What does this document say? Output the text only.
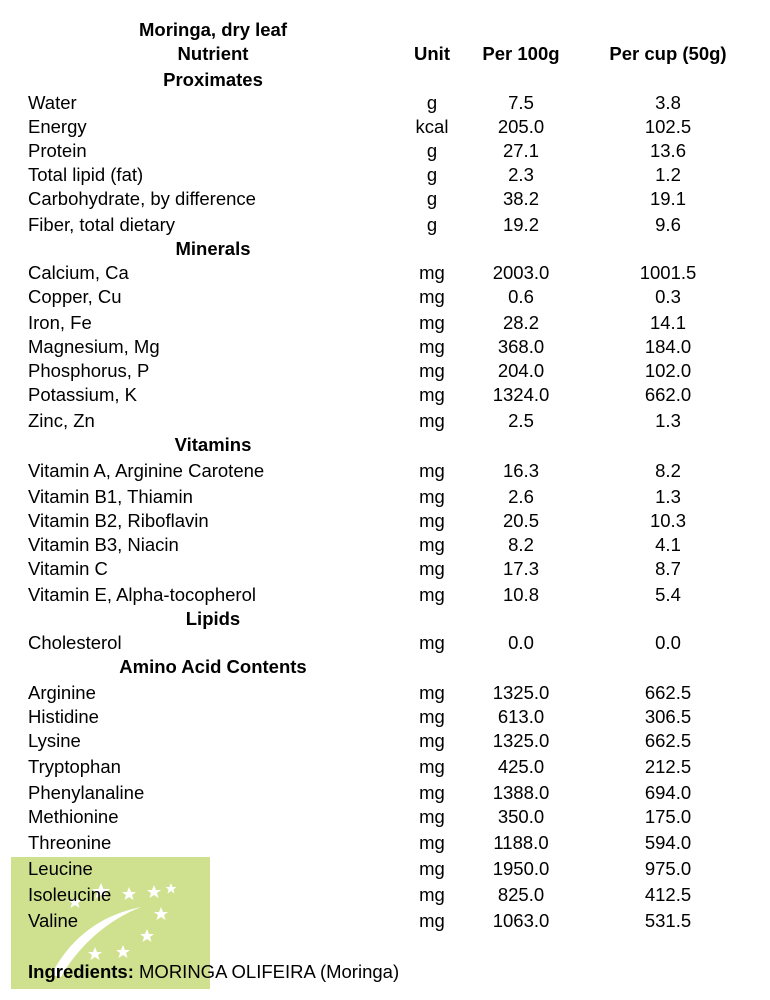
Moringa, dry leaf
Nutrient	Unit	Per 100g	Per cup (50g)
Proximates
Water	g	7.5	3.8
Energy	kcal	205.0	102.5
Protein	g	27.1	13.6
Total lipid (fat)	g	2.3	1.2
Carbohydrate, by difference	g	38.2	19.1
Fiber, total dietary	g	19.2	9.6
Minerals
Calcium, Ca	mg	2003.0	1001.5
Copper, Cu	mg	0.6	0.3
Iron, Fe	mg	28.2	14.1
Magnesium, Mg	mg	368.0	184.0
Phosphorus, P	mg	204.0	102.0
Potassium, K	mg	1324.0	662.0
Zinc, Zn	mg	2.5	1.3
Vitamins
Vitamin A, Arginine Carotene	mg	16.3	8.2
Vitamin B1, Thiamin	mg	2.6	1.3
Vitamin B2, Riboflavin	mg	20.5	10.3
Vitamin B3, Niacin	mg	8.2	4.1
Vitamin C	mg	17.3	8.7
Vitamin E, Alpha-tocopherol	mg	10.8	5.4
Lipids
Cholesterol	mg	0.0	0.0
Amino Acid Contents
Arginine	mg	1325.0	662.5
Histidine	mg	613.0	306.5
Lysine	mg	1325.0	662.5
Tryptophan	mg	425.0	212.5
Phenylanaline	mg	1388.0	694.0
Methionine	mg	350.0	175.0
Threonine	mg	1188.0	594.0
Leucine	mg	1950.0	975.0
Isoleucine	mg	825.0	412.5
Valine	mg	1063.0	531.5
Ingredients: MORINGA OLIFEIRA (Moringa)
